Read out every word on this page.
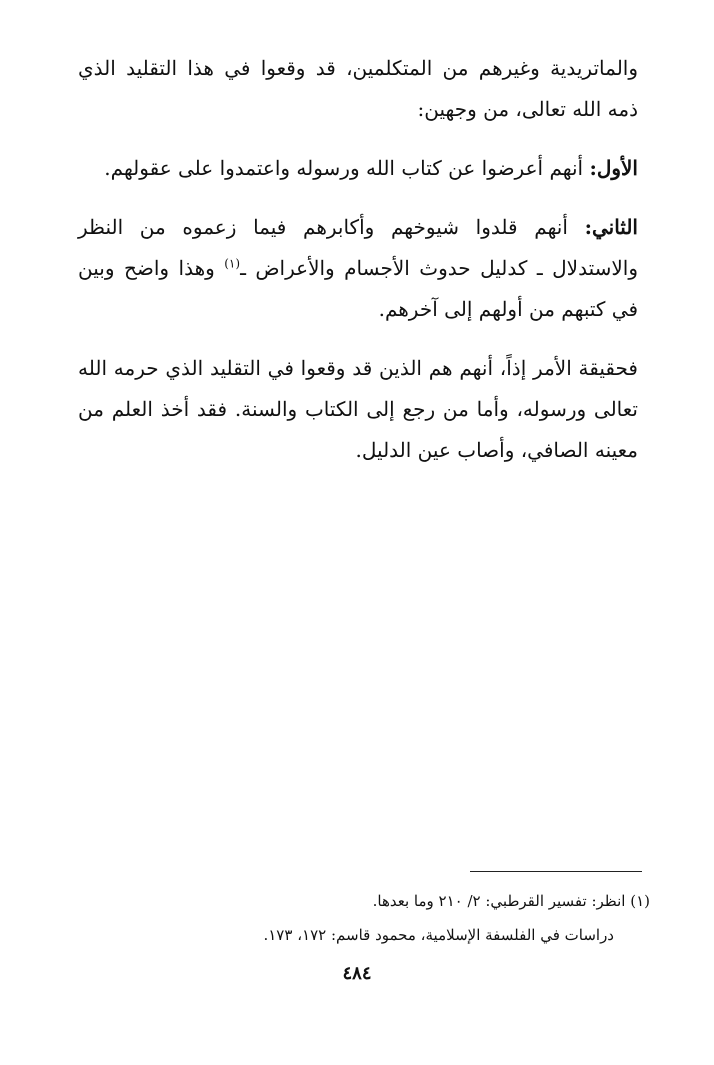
والماتريدية وغيرهم من المتكلمين، قد وقعوا في هذا التقليد الذي ذمه الله تعالى، من وجهين:

الأول: أنهم أعرضوا عن كتاب الله ورسوله واعتمدوا على عقولهم.

الثاني: أنهم قلدوا شيوخهم وأكابرهم فيما زعموه من النظر والاستدلال ـ كدليل حدوث الأجسام والأعراض ـ$^{(١)}$ وهذا واضح وبين في كتبهم من أولهم إلى آخرهم.

فحقيقة الأمر إذاً، أنهم هم الذين قد وقعوا في التقليد الذي حرمه الله تعالى ورسوله، وأما من رجع إلى الكتاب والسنة. فقد أخذ العلم من معينه الصافي، وأصاب عين الدليل.

(١) انظر: تفسير القرطبي: ٢/ ٢١٠ وما بعدها.

دراسات في الفلسفة الإسلامية، محمود قاسم: ١٧٢، ١٧٣.

٤٨٤
